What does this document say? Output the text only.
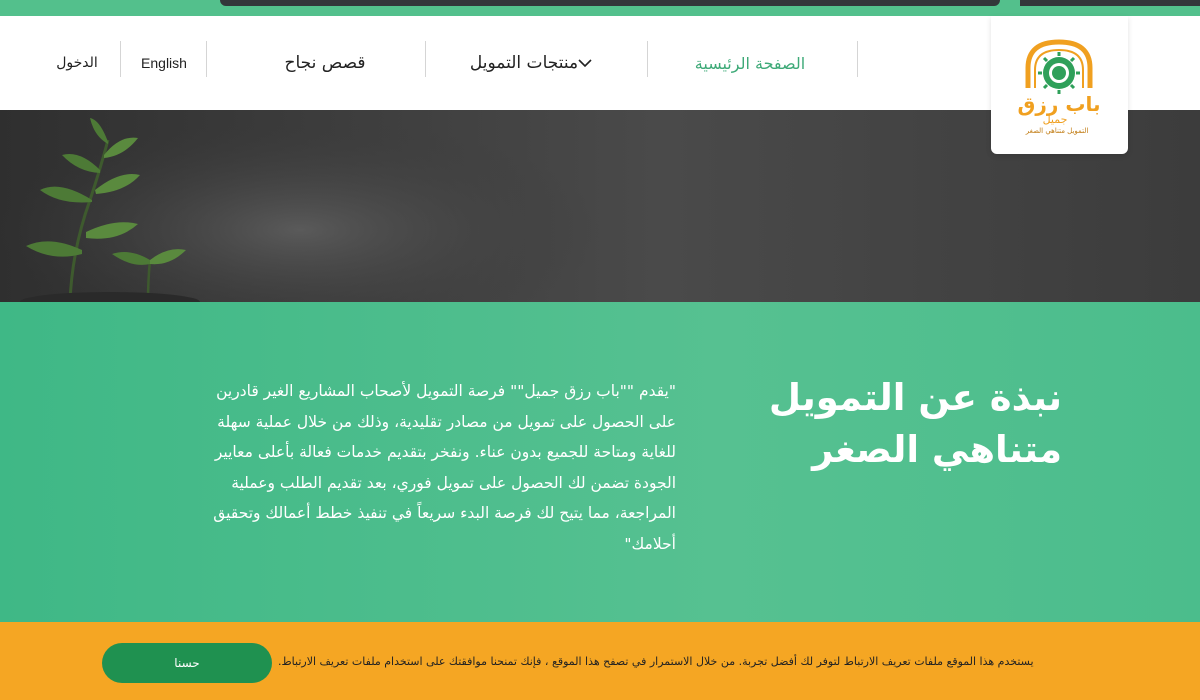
الصفحة الرئيسية
منتجات التمويل
قصص نجاح
English
الدخول
باب رزق
جميل
التمويل متناهي الصغر
نبذة عن التمويل
متناهي الصغر

"يقدم ""باب رزق جميل"" فرصة التمويل لأصحاب المشاريع الغير قادرين على الحصول على تمويل من مصادر تقليدية، وذلك من خلال عملية سهلة للغاية ومتاحة للجميع بدون عناء. ونفخر بتقديم خدمات فعالة بأعلى معايير الجودة تضمن لك الحصول على تمويل فوري، بعد تقديم الطلب وعملية المراجعة، مما يتيح لك فرصة البدء سريعاً في تنفيذ خطط أعمالك وتحقيق أحلامك"

يستخدم هذا الموقع ملفات تعريف الارتباط لتوفر لك أفضل تجربة. من خلال الاستمرار في تصفح هذا الموقع ، فإنك تمنحنا موافقتك على استخدام ملفات تعريف الارتباط.
حسنا
